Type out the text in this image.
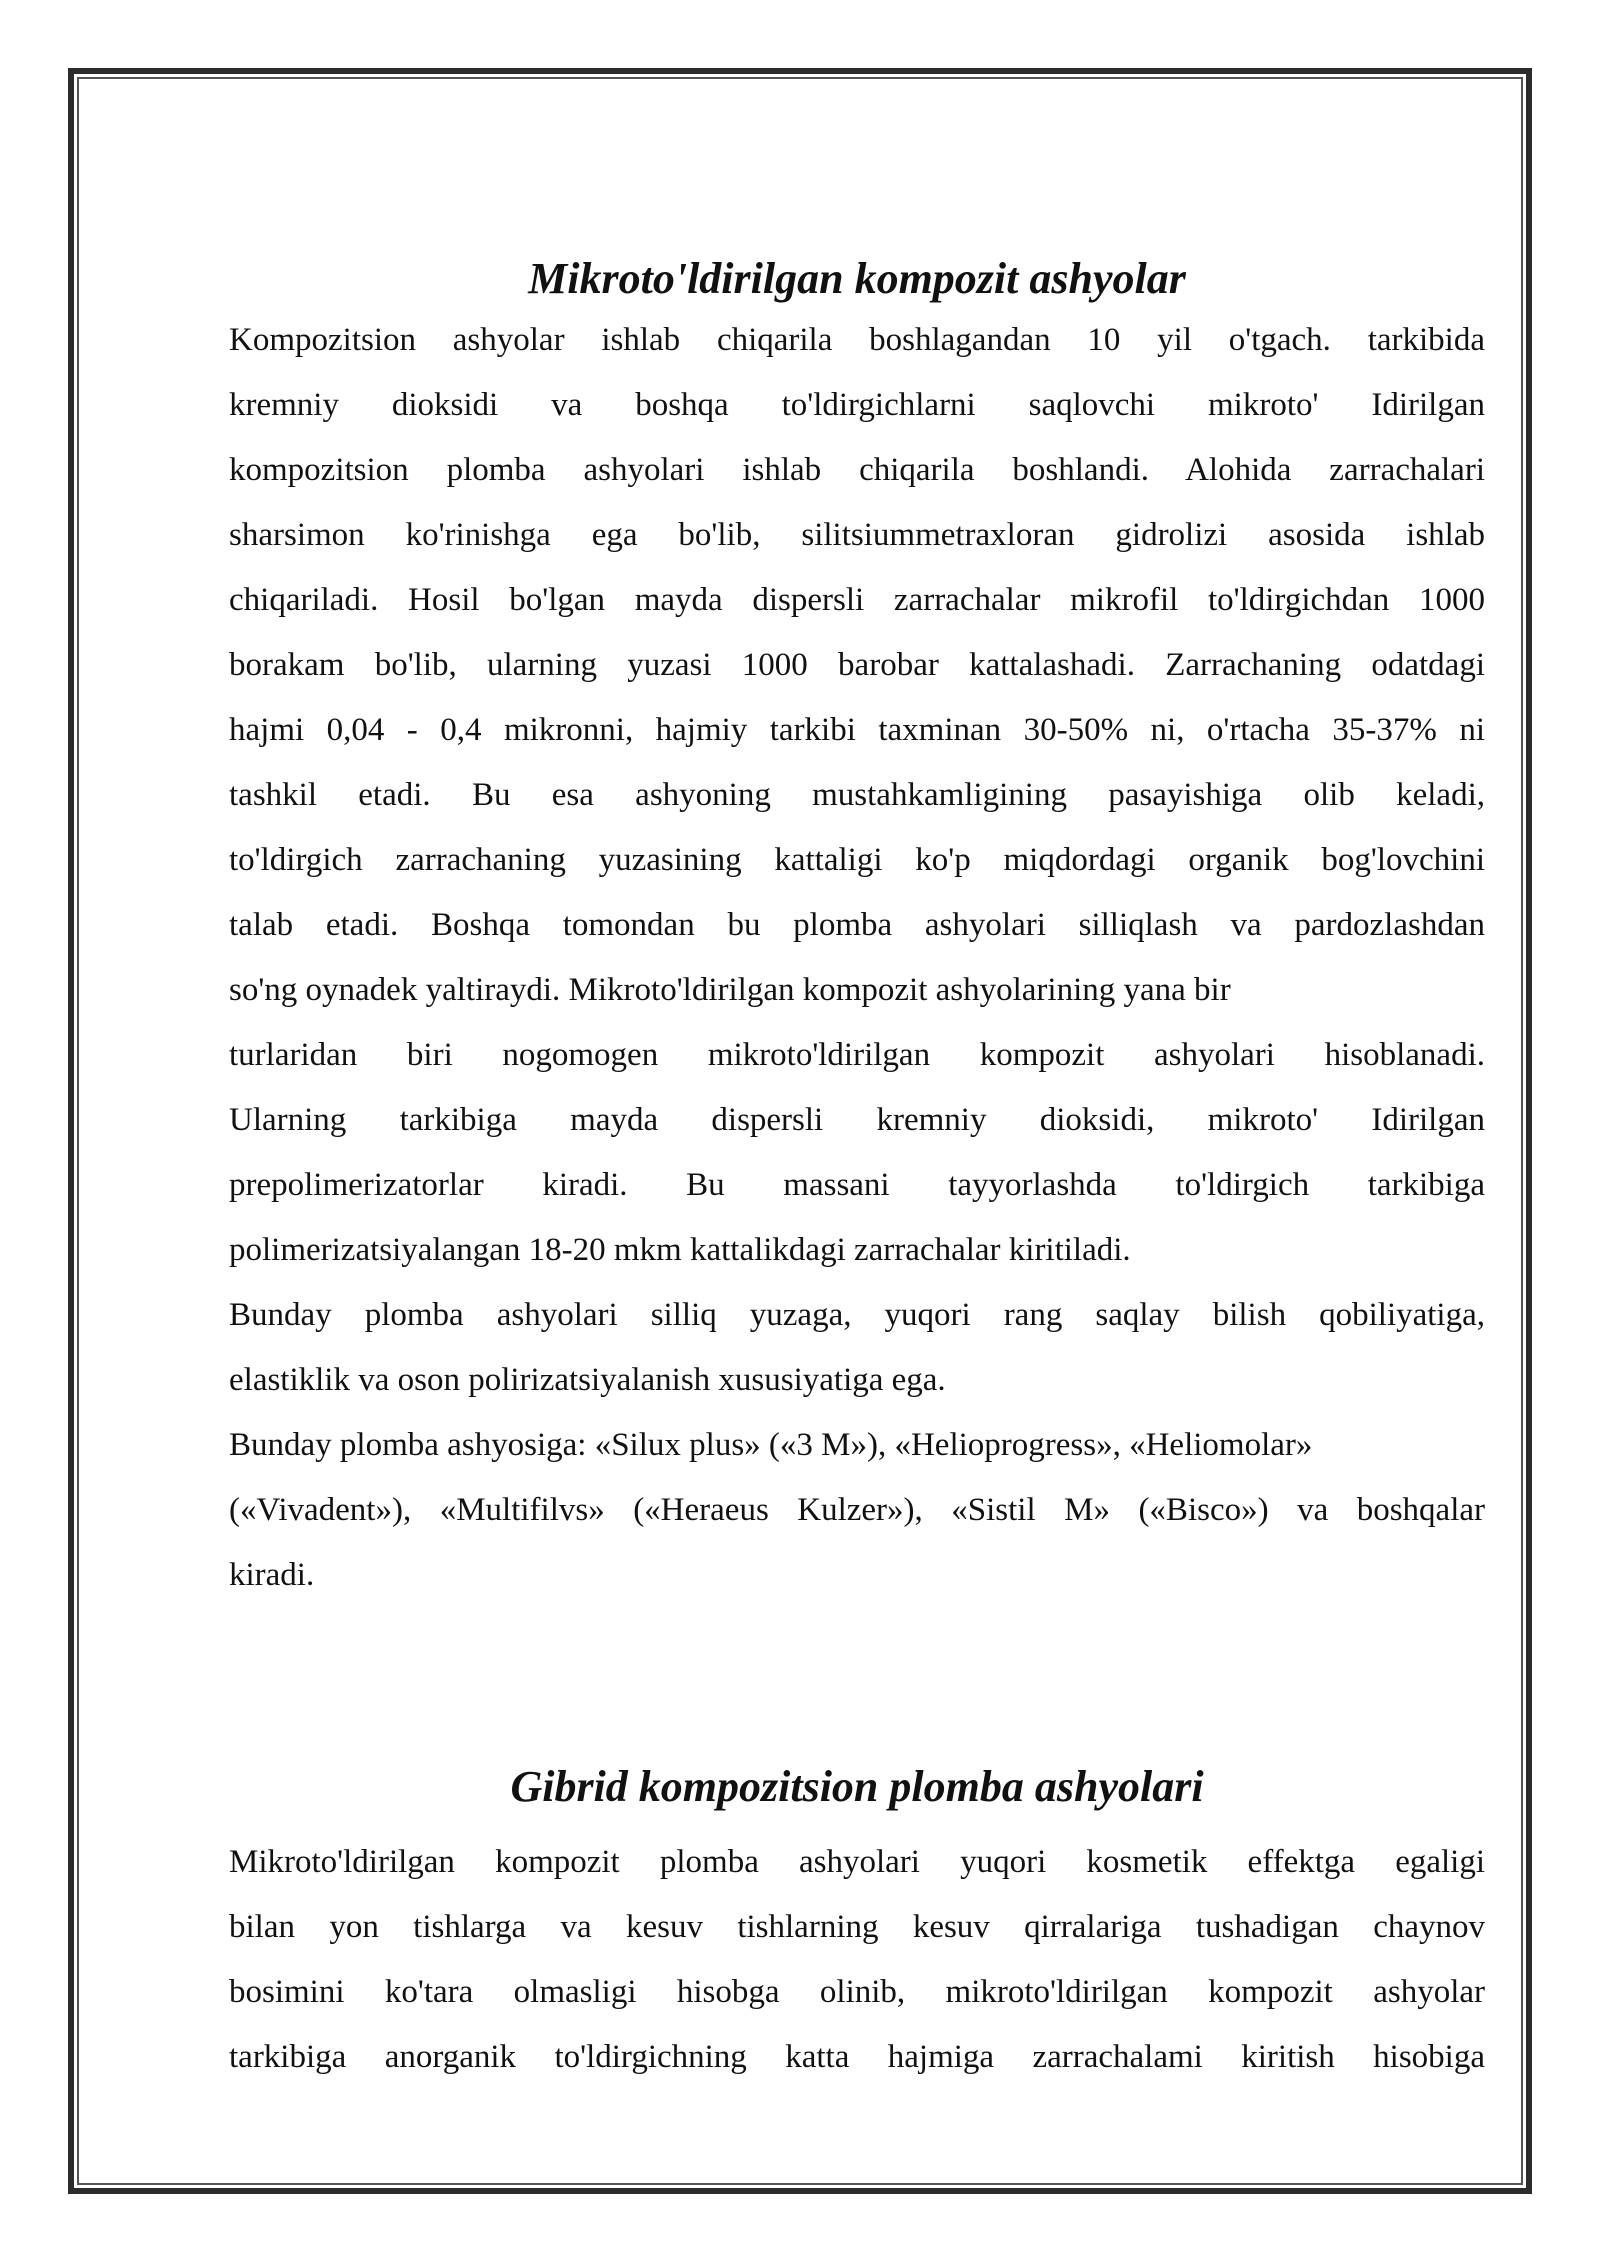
Mikroto'ldirilgan kompozit ashyolar

Kompozitsion ashyolar ishlab chiqarila boshlagandan 10 yil o'tgach. tarkibida
kremniy dioksidi va boshqa to'ldirgichlarni saqlovchi mikroto' Idirilgan
kompozitsion plomba ashyolari ishlab chiqarila boshlandi. Alohida zarrachalari
sharsimon ko'rinishga ega bo'lib, silitsiummetraxloran gidrolizi asosida ishlab
chiqariladi. Hosil bo'lgan mayda dispersli zarrachalar mikrofil to'ldirgichdan 1000
borakam bo'lib, ularning yuzasi 1000 barobar kattalashadi. Zarrachaning odatdagi
hajmi 0,04 - 0,4 mikronni, hajmiy tarkibi taxminan 30-50% ni, o'rtacha 35-37% ni
tashkil etadi. Bu esa ashyoning mustahkamligining pasayishiga olib keladi,
to'ldirgich zarrachaning yuzasining kattaligi ko'p miqdordagi organik bog'lovchini
talab etadi. Boshqa tomondan bu plomba ashyolari silliqlash va pardozlashdan
so'ng oynadek yaltiraydi. Mikroto'ldirilgan kompozit ashyolarining yana bir

turlaridan biri nogomogen mikroto'ldirilgan kompozit ashyolari hisoblanadi.
Ularning tarkibiga mayda dispersli kremniy dioksidi, mikroto' Idirilgan
prepolimerizatorlar kiradi. Bu massani tayyorlashda to'ldirgich tarkibiga
polimerizatsiyalangan 18-20 mkm kattalikdagi zarrachalar kiritiladi.

Bunday plomba ashyolari silliq yuzaga, yuqori rang saqlay bilish qobiliyatiga,
elastiklik va oson polirizatsiyalanish xususiyatiga ega.

Bunday plomba ashyosiga: «Silux plus» («3 M»), «Helioprogress», «Heliomolar»
(«Vivadent»), «Multifilvs» («Heraeus Kulzer»), «Sistil M» («Bisco») va boshqalar
kiradi.

Gibrid kompozitsion plomba ashyolari

Mikroto'ldirilgan kompozit plomba ashyolari yuqori kosmetik effektga egaligi
bilan yon tishlarga va kesuv tishlarning kesuv qirralariga tushadigan chaynov
bosimini ko'tara olmasligi hisobga olinib, mikroto'ldirilgan kompozit ashyolar
tarkibiga anorganik to'ldirgichning katta hajmiga zarrachalami kiritish hisobiga
